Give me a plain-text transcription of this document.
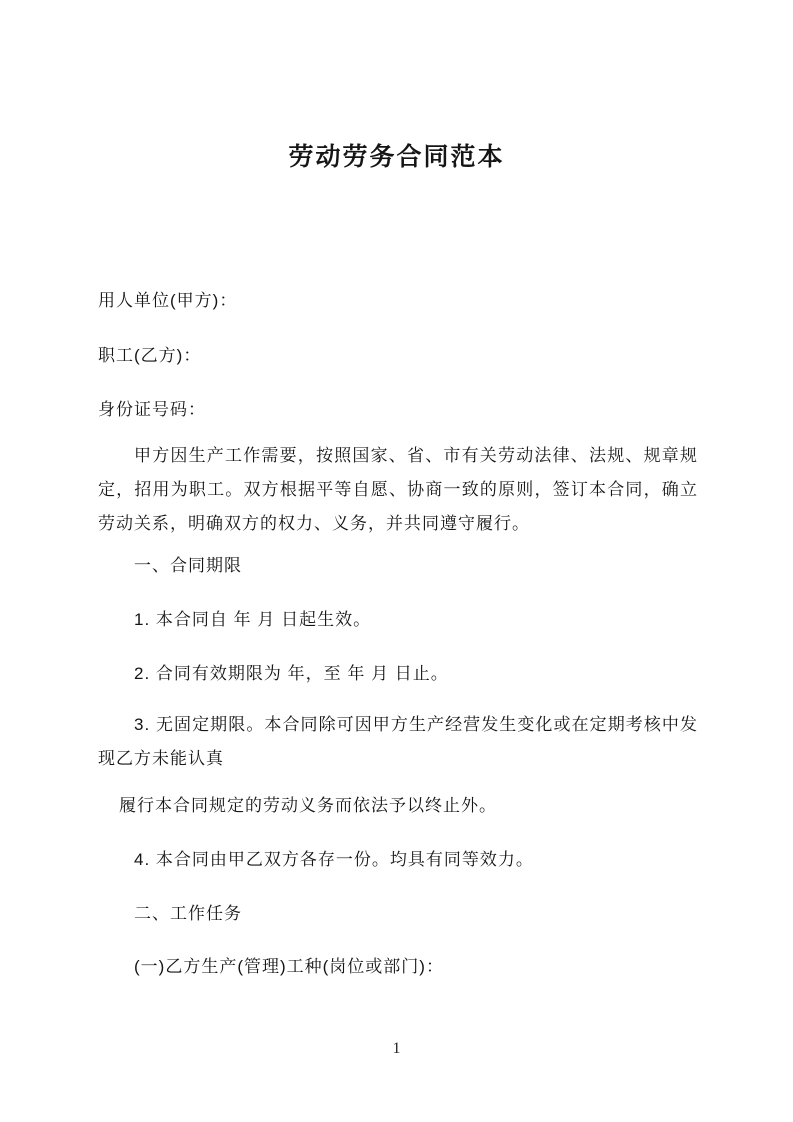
劳动劳务合同范本
用人单位(甲方)：
职工(乙方)：
身份证号码：
甲方因生产工作需要，按照国家、省、市有关劳动法律、法规、规章规定，招用为职工。双方根据平等自愿、协商一致的原则，签订本合同，确立劳动关系，明确双方的权力、义务，并共同遵守履行。
一、合同期限
1. 本合同自 年 月 日起生效。
2. 合同有效期限为 年，至 年 月 日止。
3. 无固定期限。本合同除可因甲方生产经营发生变化或在定期考核中发现乙方未能认真
履行本合同规定的劳动义务而依法予以终止外。
4. 本合同由甲乙双方各存一份。均具有同等效力。
二、工作任务
(一)乙方生产(管理)工种(岗位或部门)：
1
